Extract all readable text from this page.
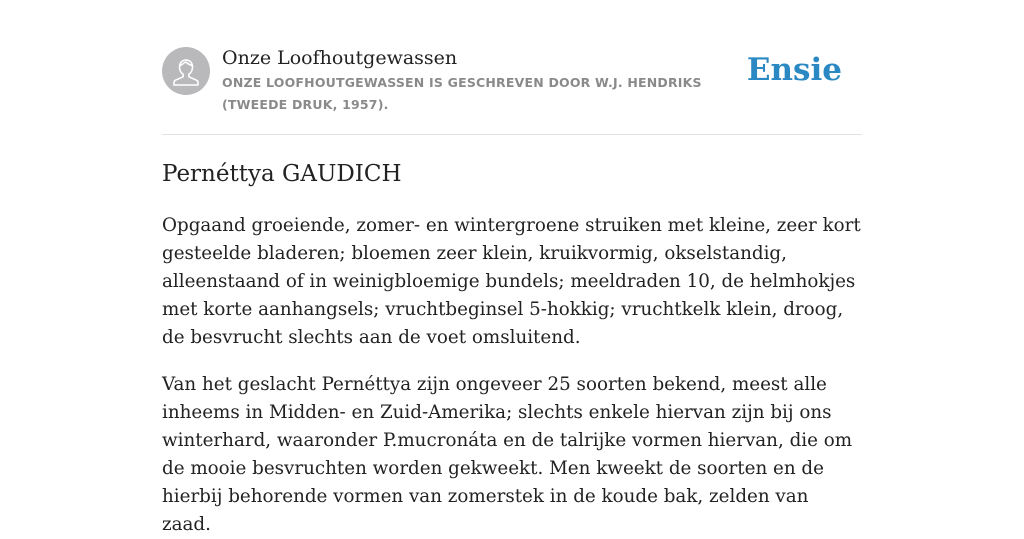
Onze Loofhoutgewassen

ONZE LOOFHOUTGEWASSEN IS GESCHREVEN DOOR W.J. HENDRIKS (TWEEDE DRUK, 1957).

Ensie
Pernéttya GAUDICH

Opgaand groeiende, zomer- en wintergroene struiken met kleine, zeer kort gesteelde bladeren; bloemen zeer klein, kruikvormig, okselstandig, alleenstaand of in weinigbloemige bundels; meeldraden 10, de helmhokjes met korte aanhangsels; vruchtbeginsel 5-hokkig; vruchtkelk klein, droog, de besvrucht slechts aan de voet omsluitend.

Van het geslacht Pernéttya zijn ongeveer 25 soorten bekend, meest alle inheems in Midden- en Zuid-Amerika; slechts enkele hiervan zijn bij ons winterhard, waaronder P.mucronáta en de talrijke vormen hiervan, die om de mooie besvruchten worden gekweekt. Men kweekt de soorten en de hierbij behorende vormen van zomerstek in de koude bak, zelden van zaad.
